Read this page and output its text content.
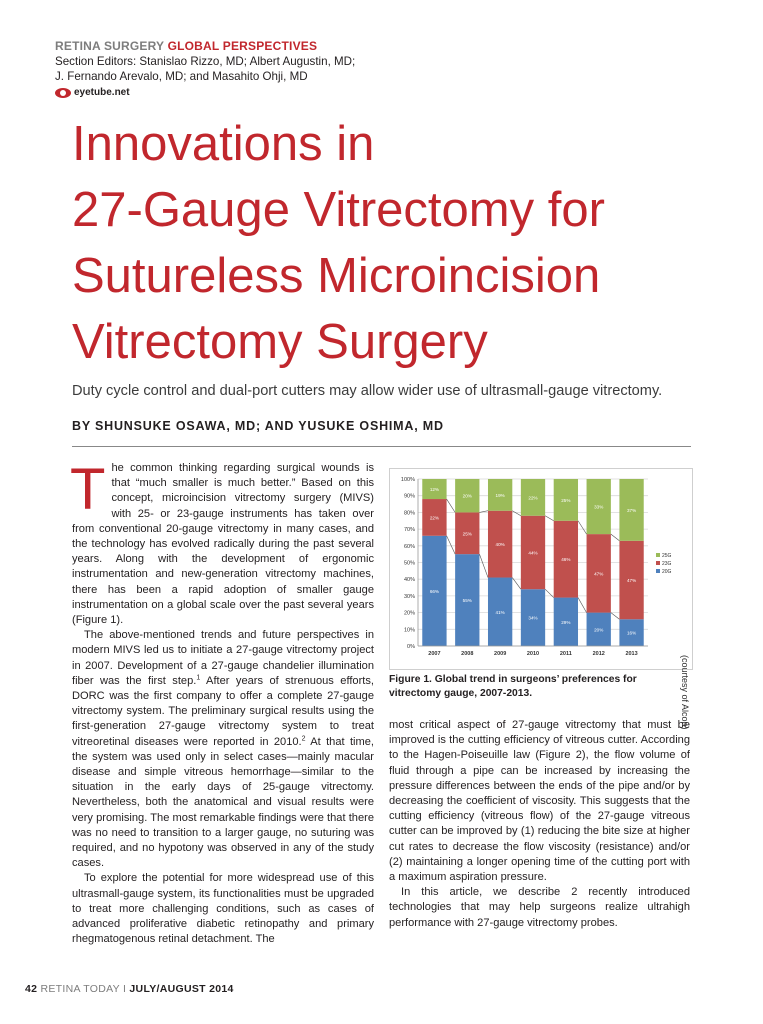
RETINA SURGERY GLOBAL PERSPECTIVES
Section Editors: Stanislao Rizzo, MD; Albert Augustin, MD;
J. Fernando Arevalo, MD; and Masahito Ohji, MD
eyetube.net
Innovations in
27-Gauge Vitrectomy for
Sutureless Microincision
Vitrectomy Surgery
Duty cycle control and dual-port cutters may allow wider use of ultrasmall-gauge vitrectomy.
BY SHUNSUKE OSAWA, MD; AND YUSUKE OSHIMA, MD

The common thinking regarding surgical wounds is that “much smaller is much better.” Based on this concept, microincision vitrectomy surgery (MIVS) with 25- or 23-gauge instruments has taken over from conventional 20-gauge vitrectomy in many cases, and the technology has evolved radically during the past several years. Along with the development of ergonomic instrumentation and new-generation vitrectomy machines, there has been a rapid adoption of smaller gauge instrumentation on a global scale over the past several years (Figure 1).

The above-mentioned trends and future perspectives in modern MIVS led us to initiate a 27-gauge vitrectomy project in 2007. Development of a 27-gauge chandelier illumination fiber was the first step.$^1$ After years of strenuous efforts, DORC was the first company to offer a complete 27-gauge vitrectomy system. The preliminary surgical results using the first-generation 27-gauge vitrectomy system to treat vitreoretinal diseases were reported in 2010.$^2$ At that time, the system was used only in select cases—mainly macular disease and simple vitreous hemorrhage—similar to the situation in the early days of 25-gauge vitrectomy. Nevertheless, both the anatomical and visual results were very promising. The most remarkable findings were that there was no need to transition to a larger gauge, no suturing was required, and no hypotony was observed in any of the study cases.

To explore the potential for more widespread use of this ultrasmall-gauge system, its functionalities must be upgraded to treat more challenging conditions, such as cases of advanced proliferative diabetic retinopathy and primary rhegmatogenous retinal detachment. The

0%
10%
20%
30%
40%
50%
60%
70%
80%
90%
100%
66%
22%
12%
2007
55%
25%
20%
2008
41%
40%
19%
2009
34%
44%
22%
2010
29%
46%
25%
2011
20%
47%
33%
2012
16%
47%
37%
2013
25G
23G
20G
Figure 1. Global trend in surgeons’ preferences for vitrectomy gauge, 2007-2013.	(courtesy of Alcon)

most critical aspect of 27-gauge vitrectomy that must be improved is the cutting efficiency of vitreous cutter. According to the Hagen-Poiseuille law (Figure 2), the flow volume of fluid through a pipe can be increased by increasing the pressure differences between the ends of the pipe and/or by decreasing the coefficient of viscosity. This suggests that the cutting efficiency (vitreous flow) of the 27-gauge vitreous cutter can be improved by (1) reducing the bite size at higher cut rates to decrease the flow viscosity (resistance) and/or (2) maintaining a longer opening time of the cutting port with a maximum aspiration pressure.

In this article, we describe 2 recently introduced technologies that may help surgeons realize ultrahigh performance with 27-gauge vitrectomy probes.

42 RETINA TODAY I JULY/AUGUST 2014
